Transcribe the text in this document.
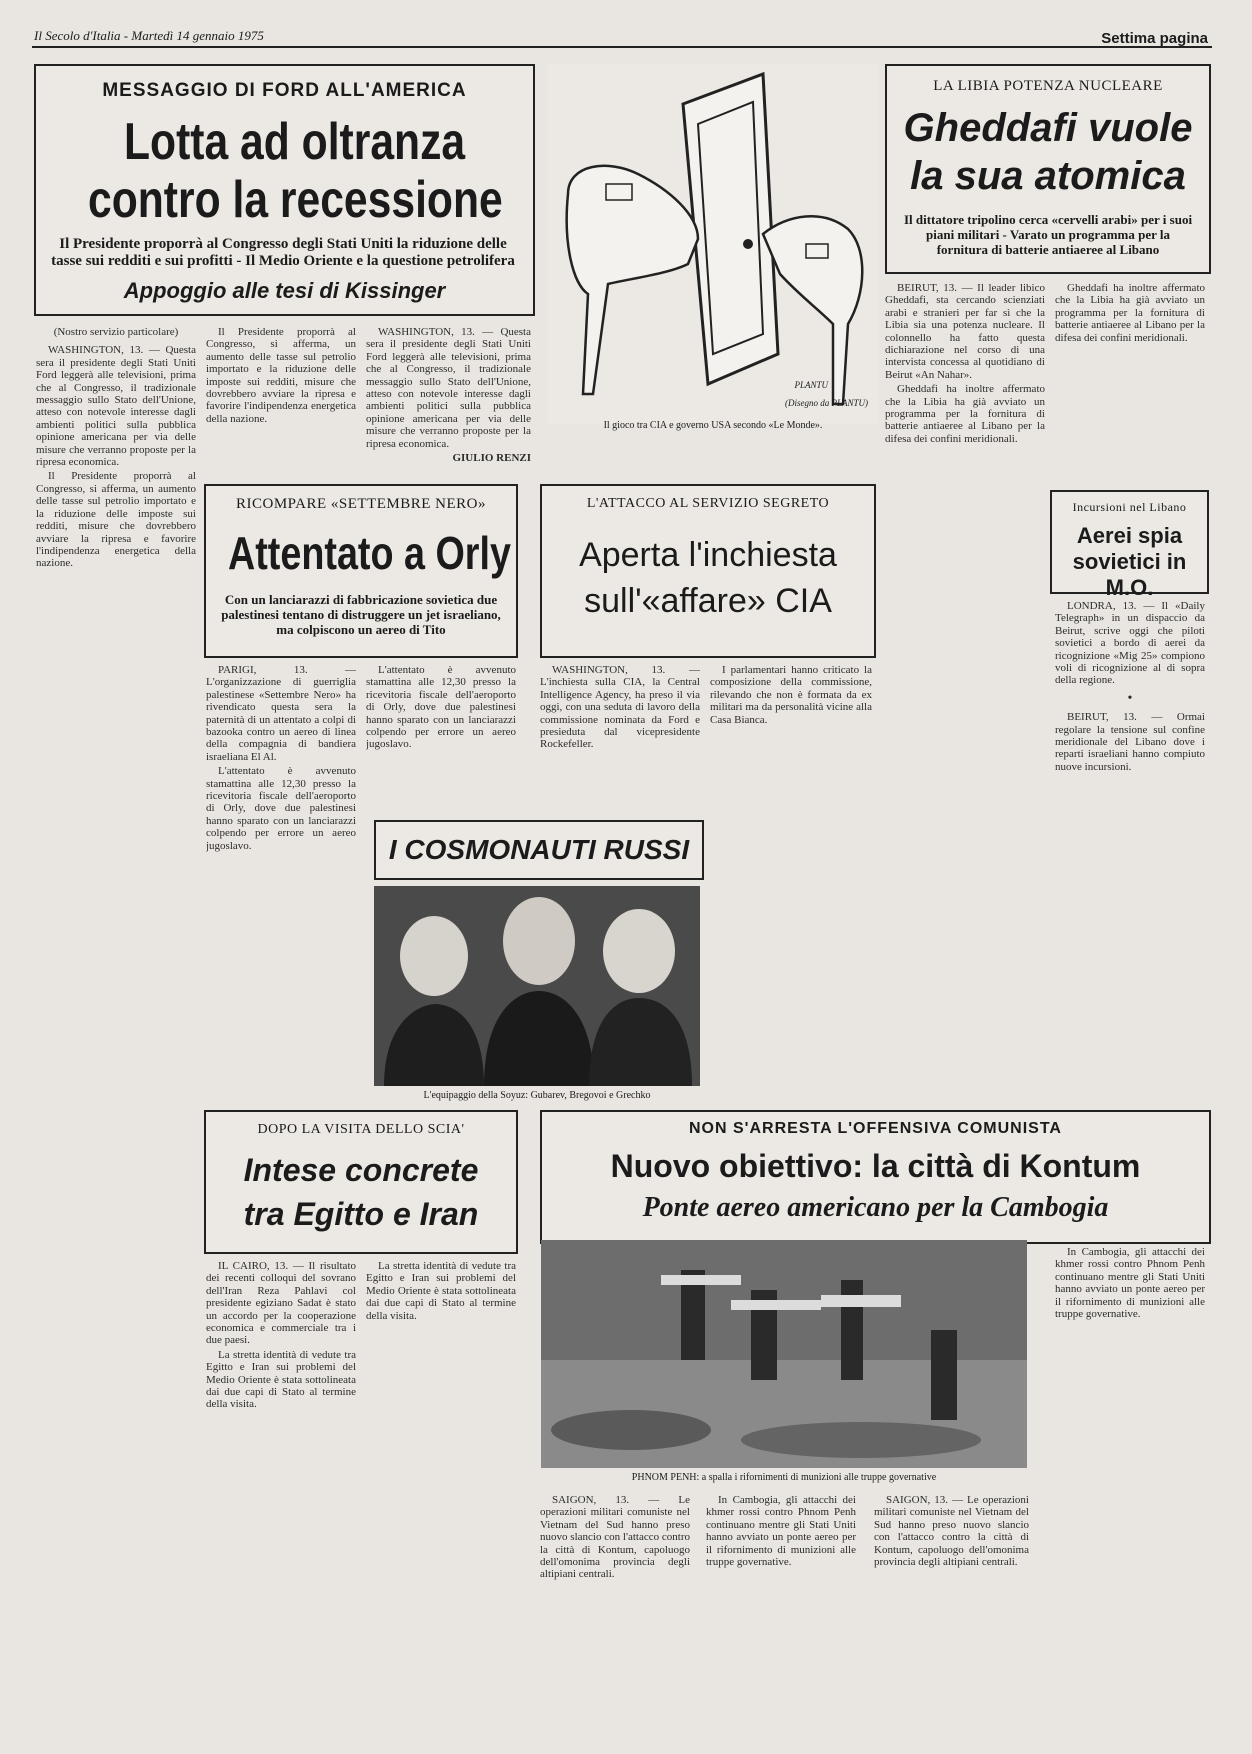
Il Secolo d'Italia - Martedì 14 gennaio 1975	Settima pagina
MESSAGGIO DI FORD ALL'AMERICA
Lotta ad oltranza
contro la recessione
Il Presidente proporrà al Congresso degli Stati Uniti la riduzione delle tasse sui redditi e sui profitti - Il Medio Oriente e la questione petrolifera
Appoggio alle tesi di Kissinger
(Nostro servizio particolare)

WASHINGTON, 13. — Questa sera il presidente degli Stati Uniti Ford leggerà alle televisioni, prima che al Congresso, il tradizionale messaggio sullo Stato dell'Unione, atteso con notevole interesse dagli ambienti politici sulla pubblica opinione americana per via delle misure che verranno proposte per la ripresa economica.

Il Presidente proporrà al Congresso, si afferma, un aumento delle tasse sul petrolio importato e la riduzione delle imposte sui redditi, misure che dovrebbero avviare la ripresa e favorire l'indipendenza energetica della nazione.

Il Presidente proporrà al Congresso, si afferma, un aumento delle tasse sul petrolio importato e la riduzione delle imposte sui redditi, misure che dovrebbero avviare la ripresa e favorire l'indipendenza energetica della nazione.

WASHINGTON, 13. — Questa sera il presidente degli Stati Uniti Ford leggerà alle televisioni, prima che al Congresso, il tradizionale messaggio sullo Stato dell'Unione, atteso con notevole interesse dagli ambienti politici sulla pubblica opinione americana per via delle misure che verranno proposte per la ripresa economica.

GIULIO RENZI
PLANTU
(Disegno da PLANTU)
Il gioco tra CIA e governo USA secondo «Le Monde».
LA LIBIA POTENZA NUCLEARE
Gheddafi vuole
la sua atomica
Il dittatore tripolino cerca «cervelli arabi» per i suoi piani militari - Varato un programma per la fornitura di batterie antiaeree al Libano

BEIRUT, 13. — Il leader libico Gheddafi, sta cercando scienziati arabi e stranieri per far sì che la Libia sia una potenza nucleare. Il colonnello ha fatto questa dichiarazione nel corso di una intervista concessa al quotidiano di Beirut «An Nahar».

Gheddafi ha inoltre affermato che la Libia ha già avviato un programma per la fornitura di batterie antiaeree al Libano per la difesa dei confini meridionali.

Gheddafi ha inoltre affermato che la Libia ha già avviato un programma per la fornitura di batterie antiaeree al Libano per la difesa dei confini meridionali.

Incursioni nel Libano
Aerei spia
sovietici in M.O.

LONDRA, 13. — Il «Daily Telegraph» in un dispaccio da Beirut, scrive oggi che piloti sovietici a bordo di aerei da ricognizione «Mig 25» compiono voli di ricognizione al di sopra della regione.

•

BEIRUT, 13. — Ormai regolare la tensione sul confine meridionale del Libano dove i reparti israeliani hanno compiuto nuove incursioni.

RICOMPARE «SETTEMBRE NERO»
Attentato a Orly
Con un lanciarazzi di fabbricazione sovietica due palestinesi tentano di distruggere un jet israeliano, ma colpiscono un aereo di Tito

PARIGI, 13. — L'organizzazione di guerriglia palestinese «Settembre Nero» ha rivendicato questa sera la paternità di un attentato a colpi di bazooka contro un aereo di linea della compagnia di bandiera israeliana El Al.

L'attentato è avvenuto stamattina alle 12,30 presso la ricevitoria fiscale dell'aeroporto di Orly, dove due palestinesi hanno sparato con un lanciarazzi colpendo per errore un aereo jugoslavo.

L'attentato è avvenuto stamattina alle 12,30 presso la ricevitoria fiscale dell'aeroporto di Orly, dove due palestinesi hanno sparato con un lanciarazzi colpendo per errore un aereo jugoslavo.

L'ATTACCO AL SERVIZIO SEGRETO
Aperta l'inchiesta
sull'«affare» CIA

WASHINGTON, 13. — L'inchiesta sulla CIA, la Central Intelligence Agency, ha preso il via oggi, con una seduta di lavoro della commissione nominata da Ford e presieduta dal vicepresidente Rockefeller.

I parlamentari hanno criticato la composizione della commissione, rilevando che non è formata da ex militari ma da personalità vicine alla Casa Bianca.

I COSMONAUTI RUSSI
L'equipaggio della Soyuz: Gubarev, Bregovoi e Grechko
DOPO LA VISITA DELLO SCIA'
Intese concrete
tra Egitto e Iran

IL CAIRO, 13. — Il risultato dei recenti colloqui del sovrano dell'Iran Reza Pahlavi col presidente egiziano Sadat è stato un accordo per la cooperazione economica e commerciale tra i due paesi.

La stretta identità di vedute tra Egitto e Iran sui problemi del Medio Oriente è stata sottolineata dai due capi di Stato al termine della visita.

La stretta identità di vedute tra Egitto e Iran sui problemi del Medio Oriente è stata sottolineata dai due capi di Stato al termine della visita.

NON S'ARRESTA L'OFFENSIVA COMUNISTA
Nuovo obiettivo: la città di Kontum
Ponte aereo americano per la Cambogia
PHNOM PENH: a spalla i rifornimenti di munizioni alle truppe governative

In Cambogia, gli attacchi dei khmer rossi contro Phnom Penh continuano mentre gli Stati Uniti hanno avviato un ponte aereo per il rifornimento di munizioni alle truppe governative.

SAIGON, 13. — Le operazioni militari comuniste nel Vietnam del Sud hanno preso nuovo slancio con l'attacco contro la città di Kontum, capoluogo dell'omonima provincia degli altipiani centrali.

In Cambogia, gli attacchi dei khmer rossi contro Phnom Penh continuano mentre gli Stati Uniti hanno avviato un ponte aereo per il rifornimento di munizioni alle truppe governative.

SAIGON, 13. — Le operazioni militari comuniste nel Vietnam del Sud hanno preso nuovo slancio con l'attacco contro la città di Kontum, capoluogo dell'omonima provincia degli altipiani centrali.
